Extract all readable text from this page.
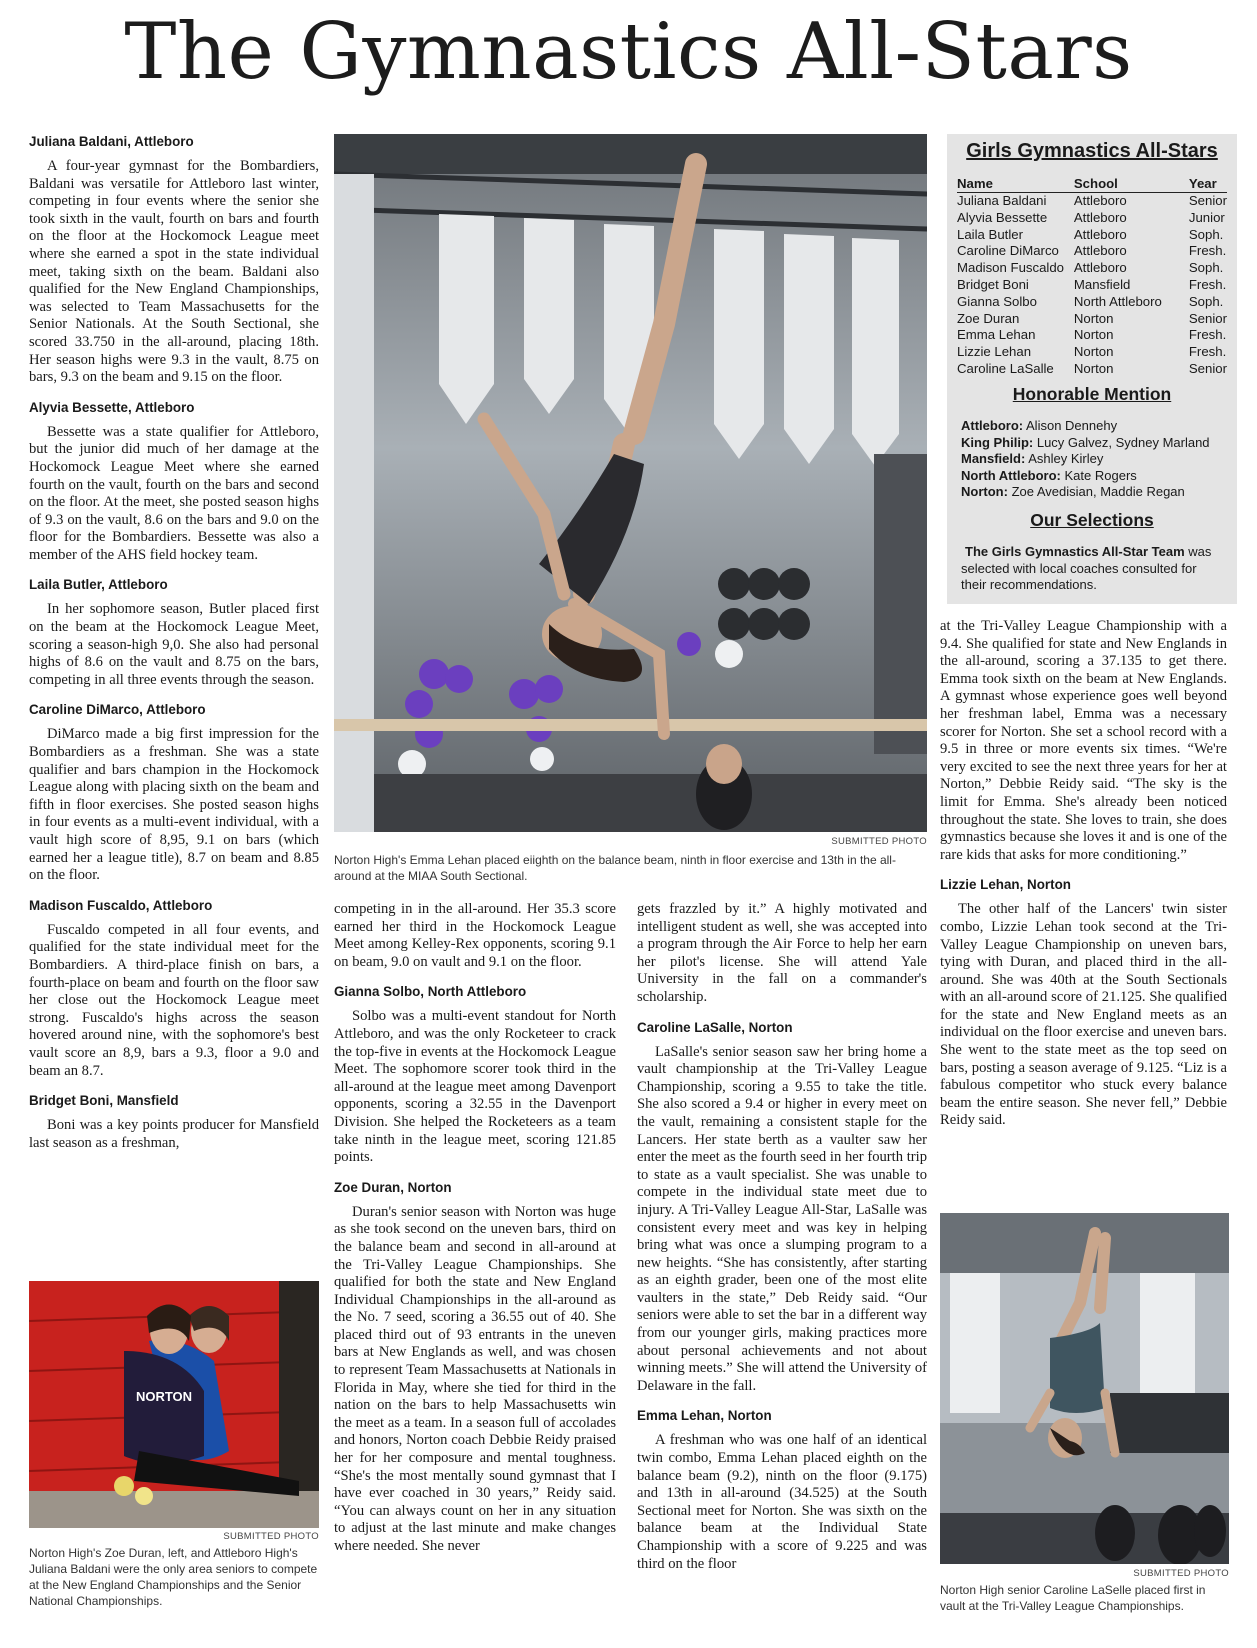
The Gymnastics All-Stars
Juliana Baldani, Attleboro

A four-year gymnast for the Bombardiers, Baldani was versatile for Attleboro last winter, competing in four events where the senior she took sixth in the vault, fourth on bars and fourth on the floor at the Hockomock League meet where she earned a spot in the state individual meet, taking sixth on the beam. Baldani also qualified for the New England Championships, was selected to Team Massachusetts for the Senior Nationals. At the South Sectional, she scored 33.750 in the all-around, placing 18th. Her season highs were 9.3 in the vault, 8.75 on bars, 9.3 on the beam and 9.15 on the floor.

Alyvia Bessette, Attleboro

Bessette was a state qualifier for Attleboro, but the junior did much of her damage at the Hockomock League Meet where she earned fourth on the vault, fourth on the bars and second on the floor. At the meet, she posted season highs of 9.3 on the vault, 8.6 on the bars and 9.0 on the floor for the Bombardiers. Bessette was also a member of the AHS field hockey team.

Laila Butler, Attleboro

In her sophomore season, Butler placed first on the beam at the Hockomock League Meet, scoring a season-high 9,0. She also had personal highs of 8.6 on the vault and 8.75 on the bars, competing in all three events through the season.

Caroline DiMarco, Attleboro

DiMarco made a big first impression for the Bombardiers as a freshman. She was a state qualifier and bars champion in the Hockomock League along with placing sixth on the beam and fifth in floor exercises. She posted season highs in four events as a multi-event individual, with a vault high score of 8,95, 9.1 on bars (which earned her a league title), 8.7 on beam and 8.85 on the floor.

Madison Fuscaldo, Attleboro

Fuscaldo competed in all four events, and qualified for the state individual meet for the Bombardiers. A third-place finish on bars, a fourth-place on beam and fourth on the floor saw her close out the Hockomock League meet strong. Fuscaldo's highs across the season hovered around nine, with the sophomore's best vault score an 8,9, bars a 9.3, floor a 9.0 and beam an 8.7.

Bridget Boni, Mansfield

Boni was a key points producer for Mansfield last season as a freshman,

SUBMITTED PHOTO
Norton High's Emma Lehan placed eiighth on the balance beam, ninth in floor exercise and 13th in the all-around at the MIAA South Sectional.

competing in in the all-around. Her 35.3 score earned her third in the Hockomock League Meet among Kelley-Rex opponents, scoring 9.1 on beam, 9.0 on vault and 9.1 on the floor.

Gianna Solbo, North Attleboro

Solbo was a multi-event standout for North Attleboro, and was the only Rocketeer to crack the top-five in events at the Hockomock League Meet. The sophomore scorer took third in the all-around at the league meet among Davenport opponents, scoring a 32.55 in the Davenport Division. She helped the Rocketeers as a team take ninth in the league meet, scoring 121.85 points.

Zoe Duran, Norton

Duran's senior season with Norton was huge as she took second on the uneven bars, third on the balance beam and second in all-around at the Tri-Valley League Championships. She qualified for both the state and New England Individual Championships in the all-around as the No. 7 seed, scoring a 36.55 out of 40. She placed third out of 93 entrants in the uneven bars at New Englands as well, and was chosen to represent Team Massachusetts at Nationals in Florida in May, where she tied for third in the nation on the bars to help Massachusetts win the meet as a team. In a season full of accolades and honors, Norton coach Debbie Reidy praised her for her composure and mental toughness. “She's the most mentally sound gymnast that I have ever coached in 30 years,” Reidy said. “You can always count on her in any situation to adjust at the last minute and make changes where needed. She never

gets frazzled by it.” A highly motivated and intelligent student as well, she was accepted into a program through the Air Force to help her earn her pilot's license. She will attend Yale University in the fall on a commander's scholarship.

Caroline LaSalle, Norton

LaSalle's senior season saw her bring home a vault championship at the Tri-Valley League Championship, scoring a 9.55 to take the title. She also scored a 9.4 or higher in every meet on the vault, remaining a consistent staple for the Lancers. Her state berth as a vaulter saw her enter the meet as the fourth seed in her fourth trip to state as a vault specialist. She was unable to compete in the individual state meet due to injury. A Tri-Valley League All-Star, LaSalle was consistent every meet and was key in helping bring what was once a slumping program to a new heights. “She has consistently, after starting as an eighth grader, been one of the most elite vaulters in the state,” Deb Reidy said. “Our seniors were able to set the bar in a different way from our younger girls, making practices more about personal achievements and not about winning meets.” She will attend the University of Delaware in the fall.

Emma Lehan, Norton

A freshman who was one half of an identical twin combo, Emma Lehan placed eighth on the balance beam (9.2), ninth on the floor (9.175) and 13th in all-around (34.525) at the South Sectional meet for Norton. She was sixth on the balance beam at the Individual State Championship with a score of 9.225 and was third on the floor

NORTON
SUBMITTED PHOTO
Norton High's Zoe Duran, left, and Attleboro High's Juliana Baldani were the only area seniors to compete at the New England Championships and the Senior National Championships.
Girls Gymnastics All-Stars
Name	School	Year
Juliana Baldani	Attleboro	Senior
Alyvia Bessette	Attleboro	Junior
Laila Butler	Attleboro	Soph.
Caroline DiMarco	Attleboro	Fresh.
Madison Fuscaldo	Attleboro	Soph.
Bridget Boni	Mansfield	Fresh.
Gianna Solbo	North Attleboro	Soph.
Zoe Duran	Norton	Senior
Emma Lehan	Norton	Fresh.
Lizzie Lehan	Norton	Fresh.
Caroline LaSalle	Norton	Senior
Honorable Mention
Attleboro: Alison Dennehy
King Philip: Lucy Galvez, Sydney Marland
Mansfield: Ashley Kirley
North Attleboro: Kate Rogers
Norton: Zoe Avedisian, Maddie Regan
Our Selections
The Girls Gymnastics All-Star Team was selected with local coaches consulted for their recommendations.

at the Tri-Valley League Championship with a 9.4. She qualified for state and New Englands in the all-around, scoring a 37.135 to get there. Emma took sixth on the beam at New Englands. A gymnast whose experience goes well beyond her freshman label, Emma was a necessary scorer for Norton. She set a school record with a 9.5 in three or more events six times. “We're very excited to see the next three years for her at Norton,” Debbie Reidy said. “The sky is the limit for Emma. She's already been noticed throughout the state. She loves to train, she does gymnastics because she loves it and is one of the rare kids that asks for more conditioning.”

Lizzie Lehan, Norton

The other half of the Lancers' twin sister combo, Lizzie Lehan took second at the Tri-Valley League Championship on uneven bars, tying with Duran, and placed third in the all-around. She was 40th at the South Sectionals with an all-around score of 21.125. She qualified for the state and New England meets as an individual on the floor exercise and uneven bars. She went to the state meet as the top seed on bars, posting a season average of 9.125. “Liz is a fabulous competitor who stuck every balance beam the entire season. She never fell,” Debbie Reidy said.

SUBMITTED PHOTO
Norton High senior Caroline LaSelle placed first in vault at the Tri-Valley League Championships.
